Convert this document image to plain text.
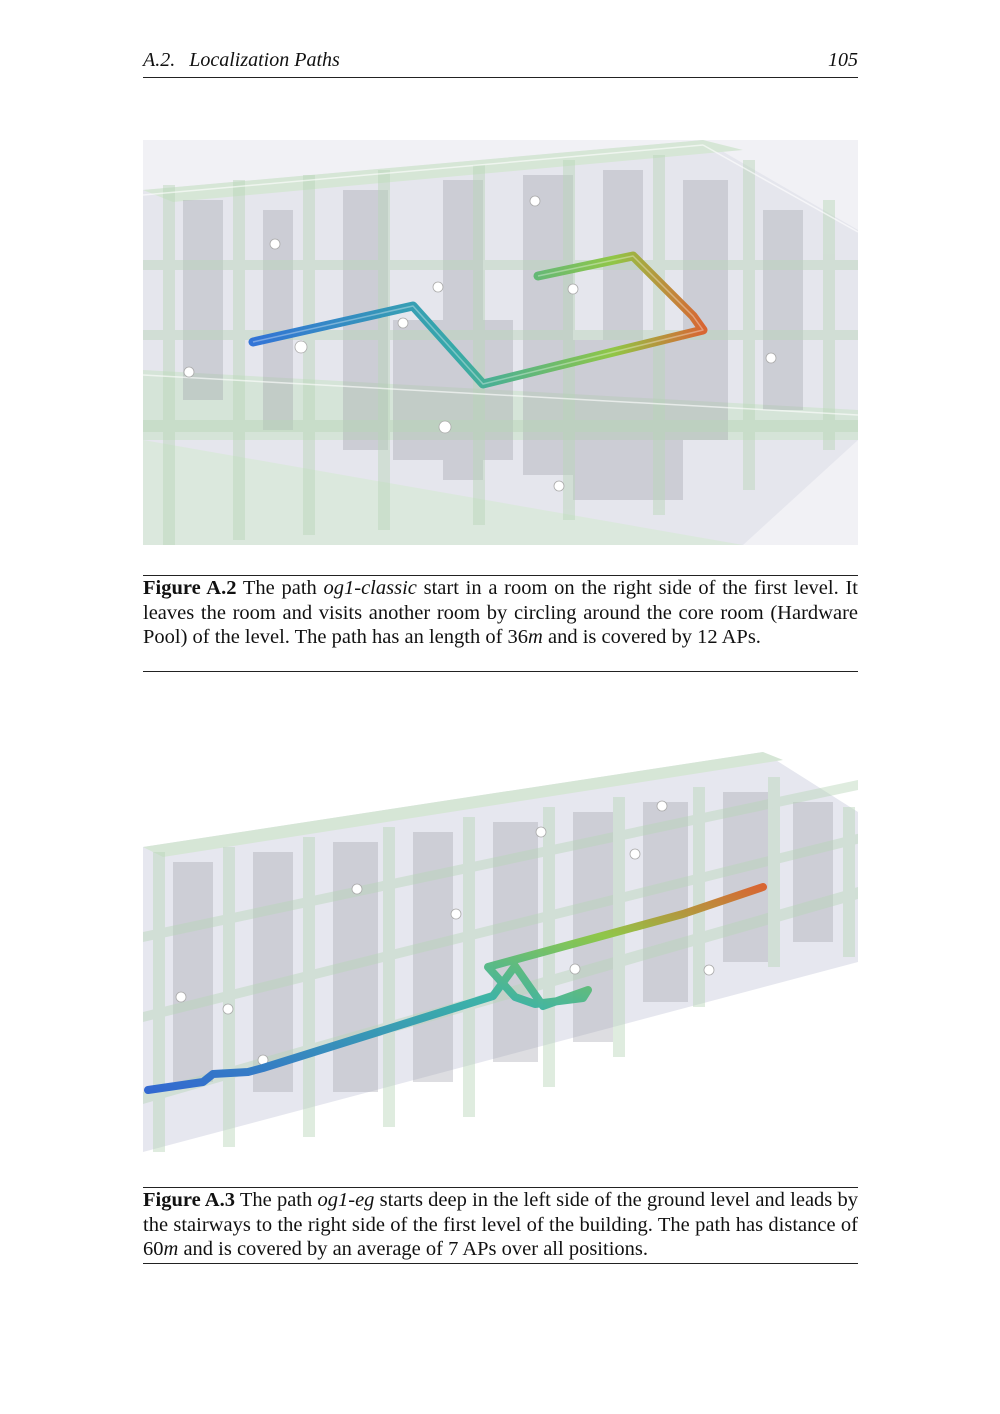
A.2. Localization Paths	105
Figure A.2 The path og1-classic start in a room on the right side of the first level. It leaves the room and visits another room by circling around the core room (Hardware Pool) of the level. The path has an length of 36m and is covered by 12 APs.
Figure A.3 The path og1-eg starts deep in the left side of the ground level and leads by the stairways to the right side of the first level of the building. The path has distance of 60m and is covered by an average of 7 APs over all positions.
